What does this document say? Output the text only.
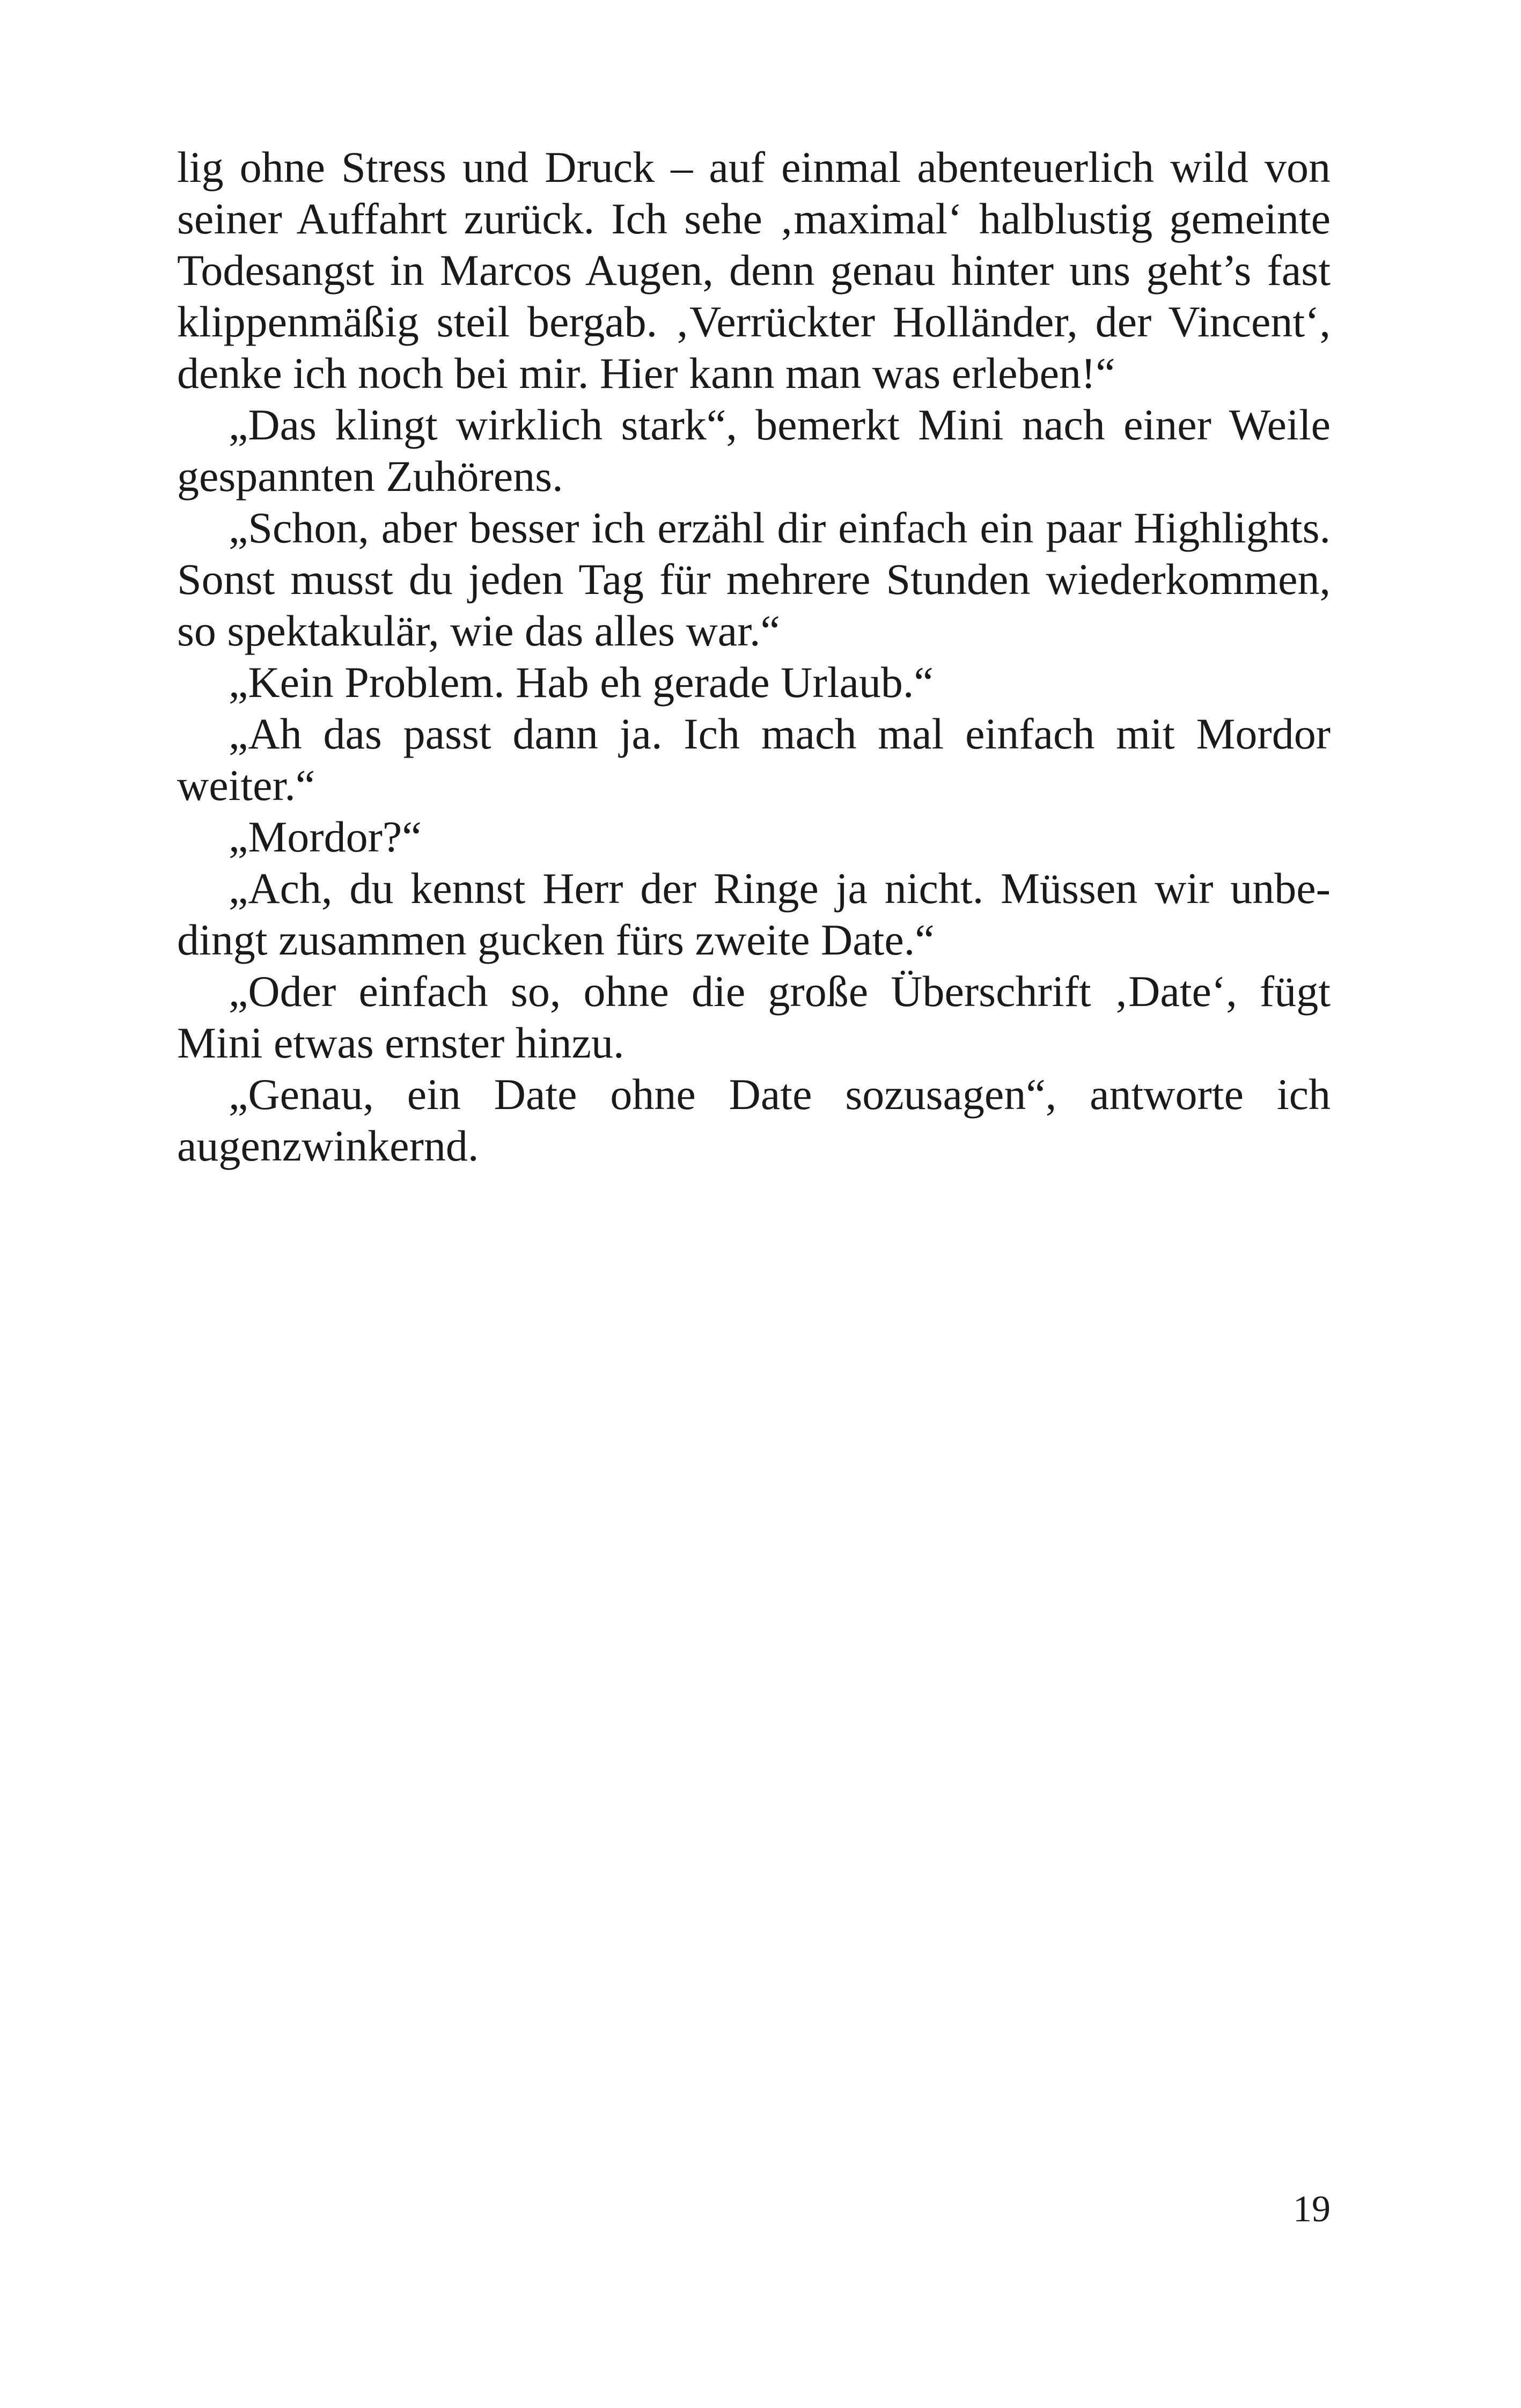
lig ohne Stress und Druck – auf einmal abenteuerlich wild von
seiner Auffahrt zurück. Ich sehe ‚maximal‘ halblustig gemeinte
Todesangst in Marcos Augen, denn genau hinter uns geht’s fast
klippenmäßig steil bergab. ‚Verrückter Holländer, der Vincent‘,
denke ich noch bei mir. Hier kann man was erleben!“
„Das klingt wirklich stark“, bemerkt Mini nach einer Weile
gespannten Zuhörens.
„Schon, aber besser ich erzähl dir einfach ein paar Highlights.
Sonst musst du jeden Tag für mehrere Stunden wiederkommen,
so spektakulär, wie das alles war.“
„Kein Problem. Hab eh gerade Urlaub.“
„Ah das passt dann ja. Ich mach mal einfach mit Mordor
weiter.“
„Mordor?“
„Ach, du kennst Herr der Ringe ja nicht. Müssen wir unbe-
dingt zusammen gucken fürs zweite Date.“
„Oder einfach so, ohne die große Überschrift ‚Date‘, fügt
Mini etwas ernster hinzu.
„Genau, ein Date ohne Date sozusagen“, antworte ich
augenzwinkernd.
19
